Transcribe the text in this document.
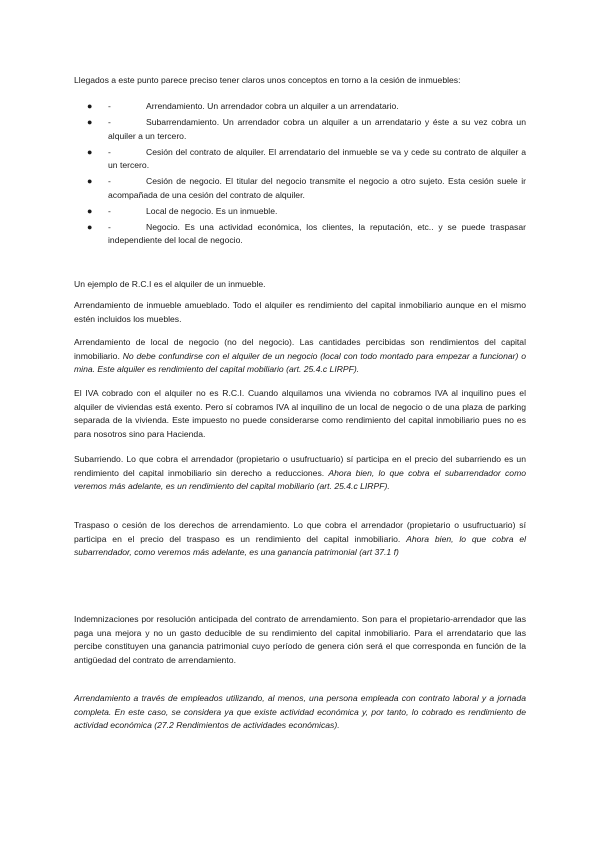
Llegados a este punto parece preciso tener claros unos conceptos en torno a la cesión de inmuebles:

●	Arrendamiento. Un arrendador cobra un alquiler a un arrendatario.
-
●	Subarrendamiento. Un arrendador cobra un alquiler a un arrendatario y éste a su vez cobra un alquiler a un tercero.
-
●	Cesión del contrato de alquiler. El arrendatario del inmueble se va y cede su contrato de alquiler a un tercero.
-
●	Cesión de negocio. El titular del negocio transmite el negocio a otro sujeto. Esta cesión suele ir acompañada de una cesión del contrato de alquiler.
-
●	Local de negocio. Es un inmueble.
-
●	Negocio. Es una actividad económica, los clientes, la reputación, etc.. y se puede traspasar independiente del local de negocio.
-

Un ejemplo de R.C.I es el alquiler de un inmueble.

Arrendamiento de inmueble amueblado. Todo el alquiler es rendimiento del capital inmobiliario aunque en el mismo estén incluidos los muebles.

Arrendamiento de local de negocio (no del negocio). Las cantidades percibidas son rendimientos del capital inmobiliario. No debe confundirse con el alquiler de un negocio (local con todo montado para empezar a funcionar) o mina. Este alquiler es rendimiento del capital mobiliario (art. 25.4.c LIRPF).

El IVA cobrado con el alquiler no es R.C.I. Cuando alquilamos una vivienda no cobramos IVA al inquilino pues el alquiler de viviendas está exento. Pero sí cobramos IVA al inquilino de un local de negocio o de una plaza de parking separada de la vivienda. Este impuesto no puede considerarse como rendimiento del capital inmobiliario pues no es para nosotros sino para Hacienda.

Subarriendo. Lo que cobra el arrendador (propietario o usufructuario) sí participa en el precio del subarriendo es un rendimiento del capital inmobiliario sin derecho a reducciones. Ahora bien, lo que cobra el subarrendador como veremos más adelante, es un rendimiento del capital mobiliario (art. 25.4.c LIRPF).

Traspaso o cesión de los derechos de arrendamiento. Lo que cobra el arrendador (propietario o usufructuario) sí participa en el precio del traspaso es un rendimiento del capital inmobiliario. Ahora bien, lo que cobra el subarrendador, como veremos más adelante, es una ganancia patrimonial (art 37.1 f)

Indemnizaciones por resolución anticipada del contrato de arrendamiento. Son para el propietario-arrendador que las paga una mejora y no un gasto deducible de su rendimiento del capital inmobiliario. Para el arrendatario que las percibe constituyen una ganancia patrimonial cuyo período de genera ción será el que corresponda en función de la antigüedad del contrato de arrendamiento.

Arrendamiento a través de empleados utilizando, al menos, una persona empleada con contrato laboral y a jornada completa. En este caso, se considera ya que existe actividad económica y, por tanto, lo cobrado es rendimiento de actividad económica (27.2 Rendimientos de actividades económicas).
